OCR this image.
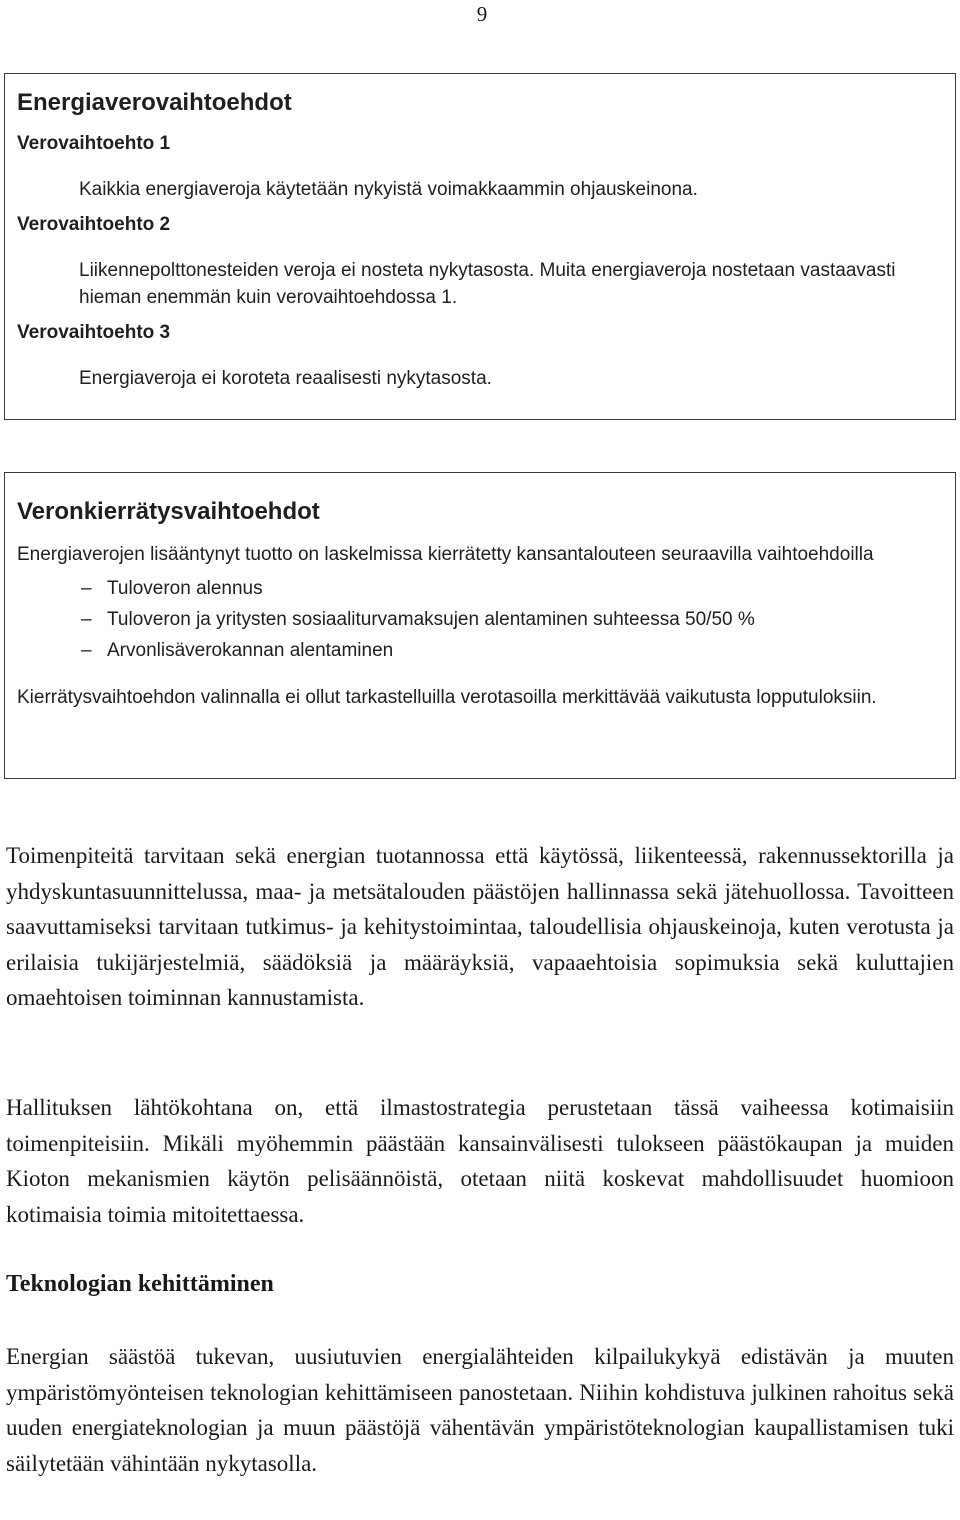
9
Energiaverovaihtoehdot
Verovaihtoehto 1

Kaikkia energiaveroja käytetään nykyistä voimakkaammin ohjauskeinona.

Verovaihtoehto 2

Liikennepolttonesteiden veroja ei nosteta nykytasosta. Muita energiaveroja nostetaan vastaavasti hieman enemmän kuin verovaihtoehdossa 1.

Verovaihtoehto 3

Energiaveroja ei koroteta reaalisesti nykytasosta.

Veronkierrätysvaihtoehdot

Energiaverojen lisääntynyt tuotto on laskelmissa kierrätetty kansantalouteen seuraavilla vaihtoehdoilla

– Tuloveron alennus
– Tuloveron ja yritysten sosiaaliturvamaksujen alentaminen suhteessa 50/50 %
– Arvonlisäverokannan alentaminen

Kierrätysvaihtoehdon valinnalla ei ollut tarkastelluilla verotasoilla merkittävää vaikutusta lopputuloksiin.

Toimenpiteitä tarvitaan sekä energian tuotannossa että käytössä, liikenteessä, rakennussektorilla ja yhdyskuntasuunnittelussa, maa- ja metsätalouden päästöjen hallinnassa sekä jätehuollossa. Tavoitteen saavuttamiseksi tarvitaan tutkimus- ja kehitystoimintaa, taloudellisia ohjauskeinoja, kuten verotusta ja erilaisia tukijärjestelmiä, säädöksiä ja määräyksiä, vapaaehtoisia sopimuksia sekä kuluttajien omaehtoisen toiminnan kannustamista.

Hallituksen lähtökohtana on, että ilmastostrategia perustetaan tässä vaiheessa kotimaisiin toimenpiteisiin. Mikäli myöhemmin päästään kansainvälisesti tulokseen päästökaupan ja muiden Kioton mekanismien käytön pelisäännöistä, otetaan niitä koskevat mahdollisuudet huomioon kotimaisia toimia mitoitettaessa.

Teknologian kehittäminen

Energian säästöä tukevan, uusiutuvien energialähteiden kilpailukykyä edistävän ja muuten ympäristömyönteisen teknologian kehittämiseen panostetaan. Niihin kohdistuva julkinen rahoitus sekä uuden energiateknologian ja muun päästöjä vähentävän ympäristöteknologian kaupallistamisen tuki säilytetään vähintään nykytasolla.
